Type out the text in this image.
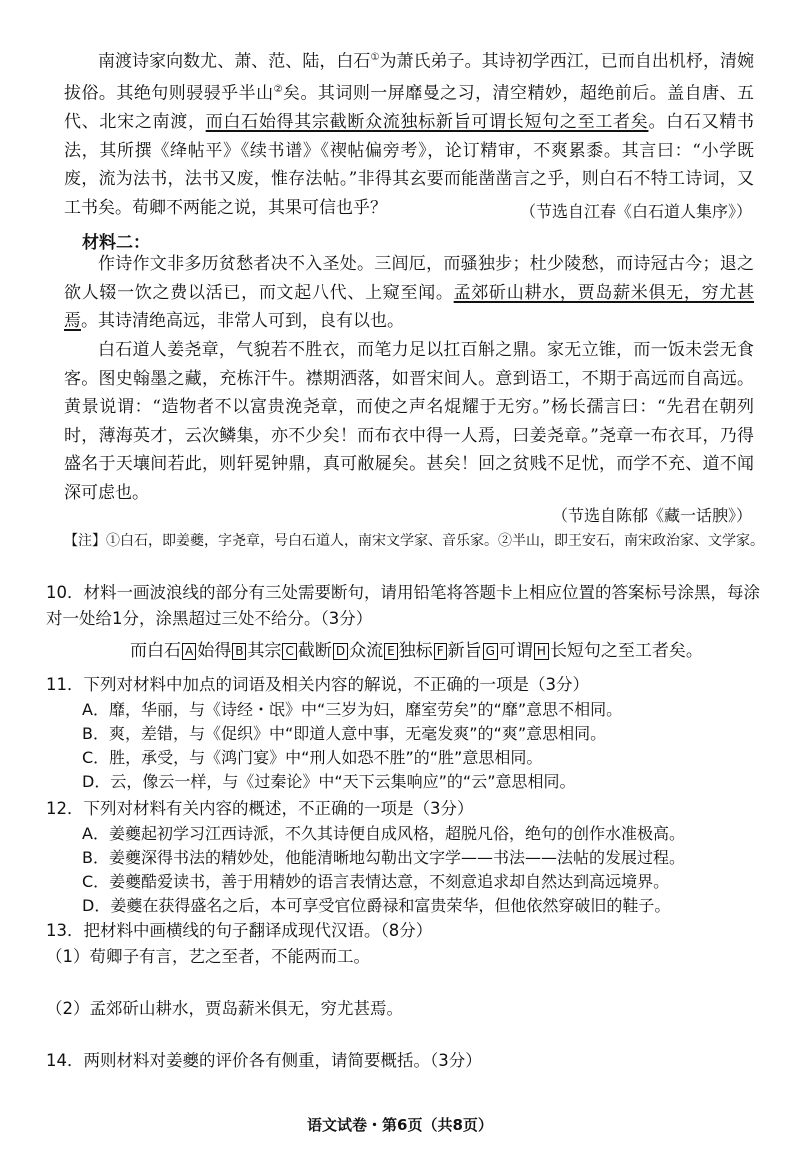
南渡诗家向数尤、萧、范、陆，白石①为萧氏弟子。其诗初学西江，已而自出机杼，清婉拔俗。其绝句则骎骎乎半山②矣。其词则一屏靡曼之习，清空精妙，超绝前后。盖自唐、五代、北宋之南渡，而白石始得其宗截断众流独标新旨可谓长短句之至工者矣。白石又精书法，其所撰《绛帖平》《续书谱》《禊帖偏旁考》，论订精审，不爽累黍。其言曰：“小学既废，流为法书，法书又废，惟存法帖。”非得其玄要而能凿凿言之乎，则白石不特工诗词，又工书矣。荀卿不两能之说，其果可信也乎？	（节选自江春《白石道人集序》）

材料二：

作诗作文非多历贫愁者决不入圣处。三闾厄，而骚独步；杜少陵愁，而诗冠古今；退之欲人辍一饮之费以活已，而文起八代、上窥至闻。孟郊斫山耕水，贾岛薪米俱无，穷尤甚焉。其诗清绝高远，非常人可到，良有以也。

白石道人姜尧章，气貌若不胜衣，而笔力足以扛百斛之鼎。家无立锥，而一饭未尝无食客。图史翰墨之藏，充栋汗牛。襟期洒落，如晋宋间人。意到语工，不期于高远而自高远。黄景说谓：“造物者不以富贵浼尧章，而使之声名焜耀于无穷。”杨长孺言曰：“先君在朝列时，薄海英才，云次鳞集，亦不少矣！而布衣中得一人焉，曰姜尧章。”尧章一布衣耳，乃得盛名于天壤间若此，则轩冕钟鼎，真可敝屣矣。甚矣！回之贫贱不足忧，而学不充、道不闻深可虑也。

（节选自陈郁《藏一话腴》）

【注】①白石，即姜夔，字尧章，号白石道人，南宋文学家、音乐家。②半山，即王安石，南宋政治家、文学家。

10．材料一画波浪线的部分有三处需要断句，请用铅笔将答题卡上相应位置的答案标号涂黑，每涂对一处给1分，涂黑超过三处不给分。（3分）

而白石 A 始得 B 其宗 C 截断 D 众流 E 独标 F 新旨 G 可谓 H 长短句之至工者矣。

11．下列对材料中加点的词语及相关内容的解说，不正确的一项是（3分）

A．靡，华丽，与《诗经・氓》中“三岁为妇，靡室劳矣”的“靡”意思不相同。

B．爽，差错，与《促织》中“即道人意中事，无毫发爽”的“爽”意思相同。

C．胜，承受，与《鸿门宴》中“刑人如恐不胜”的“胜”意思相同。

D．云，像云一样，与《过秦论》中“天下云集响应”的“云”意思相同。

12．下列对材料有关内容的概述，不正确的一项是（3分）

A．姜夔起初学习江西诗派，不久其诗便自成风格，超脱凡俗，绝句的创作水准极高。

B．姜夔深得书法的精妙处，他能清晰地勾勒出文字学——书法——法帖的发展过程。

C．姜夔酷爱读书，善于用精妙的语言表情达意，不刻意追求却自然达到高远境界。

D．姜夔在获得盛名之后，本可享受官位爵禄和富贵荣华，但他依然穿破旧的鞋子。

13．把材料中画横线的句子翻译成现代汉语。（8分）

（1）荀卿子有言，艺之至者，不能两而工。

（2）孟郊斫山耕水，贾岛薪米俱无，穷尤甚焉。

14．两则材料对姜夔的评价各有侧重，请简要概括。（3分）

语文试卷・第6页（共8页）
